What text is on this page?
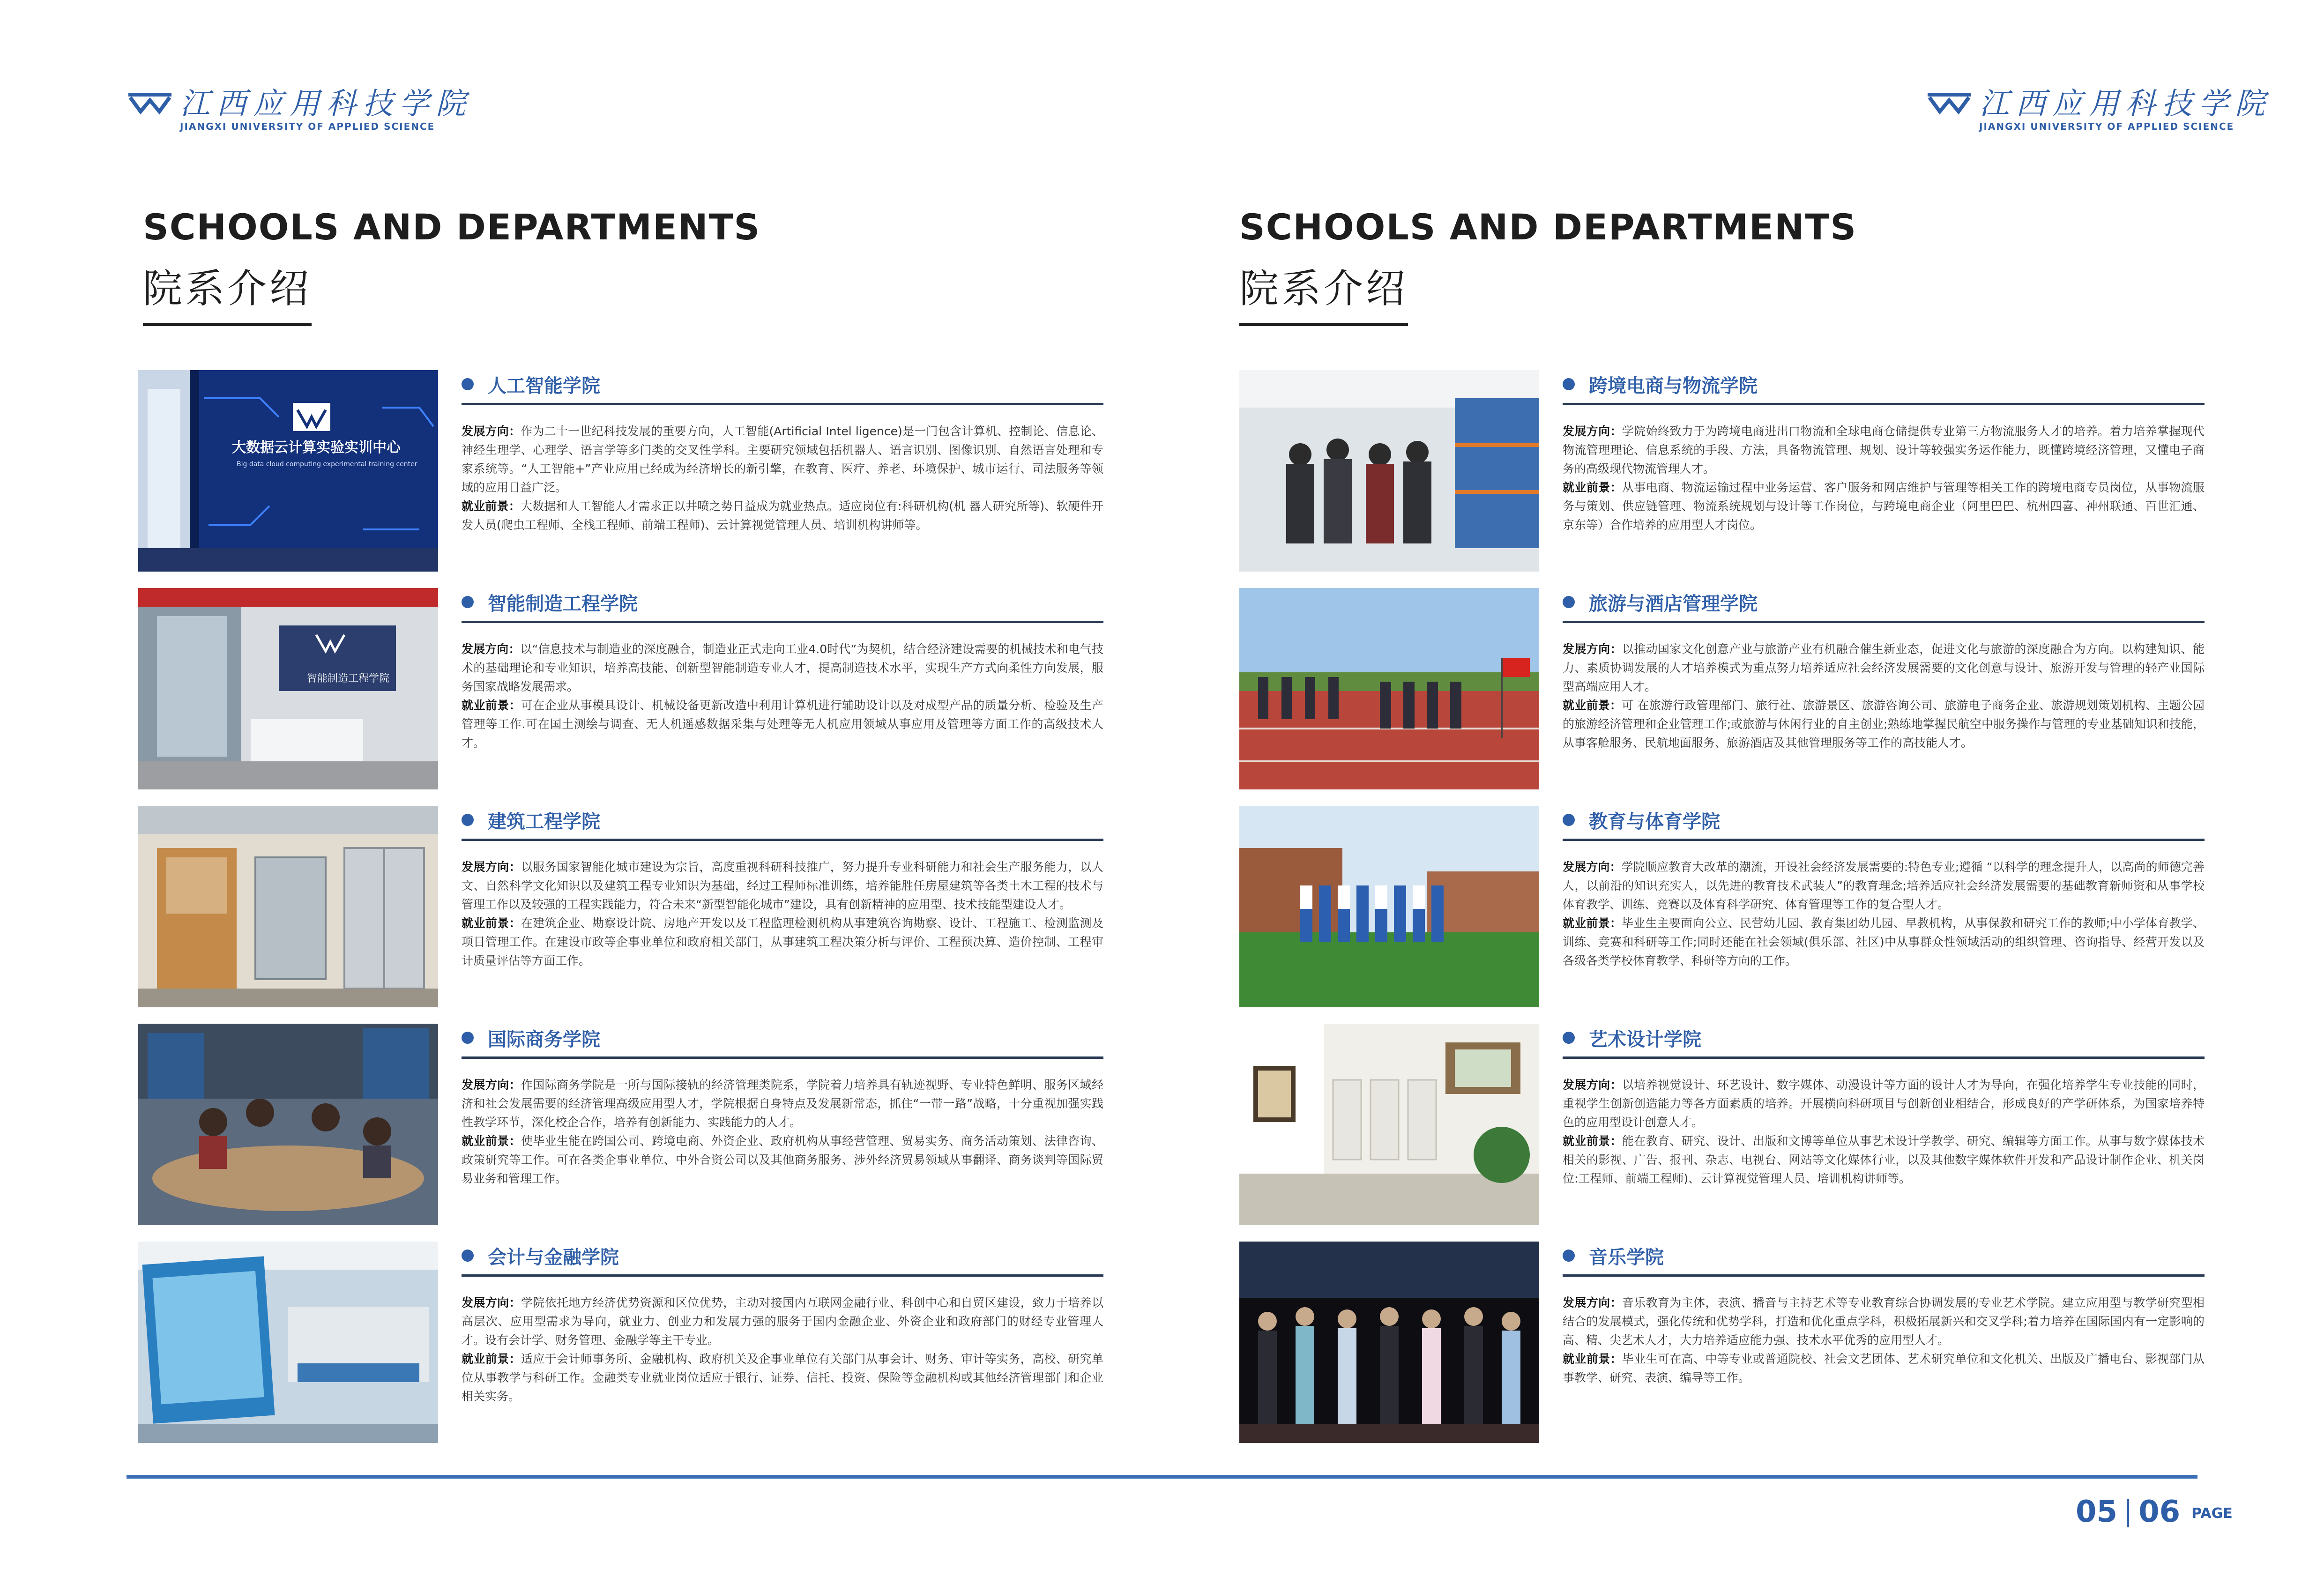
江西应用科技学院
JIANGXI UNIVERSITY OF APPLIED SCIENCE
江西应用科技学院
JIANGXI UNIVERSITY OF APPLIED SCIENCE
SCHOOLS AND DEPARTMENTS
院系介绍
SCHOOLS AND DEPARTMENTS
院系介绍
大数据云计算实验实训中心
Big data cloud computing experimental training center
人工智能学院

发展方向：作为二十一世纪科技发展的重要方向，人工智能(Artificial Intel ligence)是一门包含计算机、控制论、信息论、神经生理学、心理学、语言学等多门类的交叉性学科。主要研究领域包括机器人、语言识别、图像识别、自然语言处理和专家系统等。“人工智能+”产业应用已经成为经济增长的新引擎，在教育、医疗、养老、环境保护、城市运行、司法服务等领域的应用日益广泛。

就业前景：大数据和人工智能人才需求正以井喷之势日益成为就业热点。适应岗位有:科研机构(机 器人研究所等)、软硬件开发人员(爬虫工程师、全栈工程师、前端工程师)、云计算视觉管理人员、培训机构讲师等。

智能制造工程学院
智能制造工程学院

发展方向：以“信息技术与制造业的深度融合，制造业正式走向工业4.0时代”为契机，结合经济建设需要的机械技术和电气技术的基础理论和专业知识，培养高技能、创新型智能制造专业人才，提高制造技术水平，实现生产方式向柔性方向发展，服务国家战略发展需求。

就业前景：可在企业从事模具设计、机械设备更新改造中利用计算机进行辅助设计以及对成型产品的质量分析、检验及生产管理等工作.可在国土测绘与调查、无人机遥感数据采集与处理等无人机应用领域从事应用及管理等方面工作的高级技术人才。

建筑工程学院

发展方向：以服务国家智能化城市建设为宗旨，高度重视科研科技推广，努力提升专业科研能力和社会生产服务能力，以人文、自然科学文化知识以及建筑工程专业知识为基础，经过工程师标准训练，培养能胜任房屋建筑等各类土木工程的技术与管理工作以及较强的工程实践能力，符合未来“新型智能化城市”建设，具有创新精神的应用型、技术技能型建设人才。

就业前景：在建筑企业、勘察设计院、房地产开发以及工程监理检测机构从事建筑咨询勘察、设计、工程施工、检测监测及项目管理工作。在建设市政等企事业单位和政府相关部门，从事建筑工程决策分析与评价、工程预决算、造价控制、工程审计质量评估等方面工作。

国际商务学院

发展方向：作国际商务学院是一所与国际接轨的经济管理类院系，学院着力培养具有轨迹视野、专业特色鲜明、服务区域经济和社会发展需要的经济管理高级应用型人才，学院根据自身特点及发展新常态，抓住“一带一路”战略，十分重视加强实践性教学环节，深化校企合作，培养有创新能力、实践能力的人才。

就业前景：使毕业生能在跨国公司、跨境电商、外资企业、政府机构从事经营管理、贸易实务、商务活动策划、法律咨询、政策研究等工作。可在各类企事业单位、中外合资公司以及其他商务服务、涉外经济贸易领域从事翻译、商务谈判等国际贸易业务和管理工作。

会计与金融学院

发展方向：学院依托地方经济优势资源和区位优势，主动对接国内互联网金融行业、科创中心和自贸区建设，致力于培养以高层次、应用型需求为导向，就业力、创业力和发展力强的服务于国内金融企业、外资企业和政府部门的财经专业管理人才。设有会计学、财务管理、金融学等主干专业。

就业前景：适应于会计师事务所、金融机构、政府机关及企事业单位有关部门从事会计、财务、审计等实务，高校、研究单位从事教学与科研工作。金融类专业就业岗位适应于银行、证券、信托、投资、保险等金融机构或其他经济管理部门和企业相关实务。

跨境电商与物流学院

发展方向：学院始终致力于为跨境电商进出口物流和全球电商仓储提供专业第三方物流服务人才的培养。着力培养掌握现代物流管理理论、信息系统的手段、方法，具备物流管理、规划、设计等较强实务运作能力，既懂跨境经济管理，又懂电子商务的高级现代物流管理人才。

就业前景：从事电商、物流运输过程中业务运营、客户服务和网店维护与管理等相关工作的跨境电商专员岗位，从事物流服务与策划、供应链管理、物流系统规划与设计等工作岗位，与跨境电商企业（阿里巴巴、杭州四喜、神州联通、百世汇通、京东等）合作培养的应用型人才岗位。

旅游与酒店管理学院

发展方向：以推动国家文化创意产业与旅游产业有机融合催生新业态，促进文化与旅游的深度融合为方向。以构建知识、能力、素质协调发展的人才培养模式为重点努力培养适应社会经济发展需要的文化创意与设计、旅游开发与管理的轻产业国际型高端应用人才。

就业前景：可 在旅游行政管理部门、旅行社、旅游景区、旅游咨询公司、旅游电子商务企业、旅游规划策划机构、主题公园的旅游经济管理和企业管理工作;或旅游与休闲行业的自主创业;熟练地掌握民航空中服务操作与管理的专业基础知识和技能，从事客舱服务、民航地面服务、旅游酒店及其他管理服务等工作的高技能人才。

教育与体育学院

发展方向：学院顺应教育大改革的潮流，开设社会经济发展需要的:特色专业;遵循 “以科学的理念提升人，以高尚的师德完善人，以前沿的知识充实人，以先进的教育技术武装人”的教育理念;培养适应社会经济发展需要的基础教育新师资和从事学校体育教学、训练、竞赛以及体育科学研究、体育管理等工作的复合型人才。

就业前景：毕业生主要面向公立、民营幼儿园、教育集团幼儿园、早教机构，从事保教和研究工作的教师;中小学体育教学、训练、竞赛和科研等工作;同时还能在社会领域(俱乐部、社区)中从事群众性领域活动的组织管理、咨询指导、经营开发以及各级各类学校体育教学、科研等方向的工作。

艺术设计学院

发展方向：以培养视觉设计、环艺设计、数字媒体、动漫设计等方面的设计人才为导向，在强化培养学生专业技能的同时，重视学生创新创造能力等各方面素质的培养。开展横向科研项目与创新创业相结合，形成良好的产学研体系，为国家培养特色的应用型设计创意人才。

就业前景：能在教育、研究、设计、出版和文博等单位从事艺术设计学教学、研究、编辑等方面工作。从事与数字媒体技术相关的影视、广告、报刊、杂志、电视台、网站等文化媒体行业，以及其他数字媒体软件开发和产品设计制作企业、机关岗位:工程师、前端工程师)、云计算视觉管理人员、培训机构讲师等。

音乐学院

发展方向：音乐教育为主体，表演、播音与主持艺术等专业教育综合协调发展的专业艺术学院。建立应用型与教学研究型相结合的发展模式，强化传统和优势学科，打造和优化重点学科，积极拓展新兴和交叉学科;着力培养在国际国内有一定影响的高、精、尖艺术人才，大力培养适应能力强、技术水平优秀的应用型人才。

就业前景：毕业生可在高、中等专业或普通院校、社会文艺团体、艺术研究单位和文化机关、出版及广播电台、影视部门从事教学、研究、表演、编导等工作。

05 06 PAGE
